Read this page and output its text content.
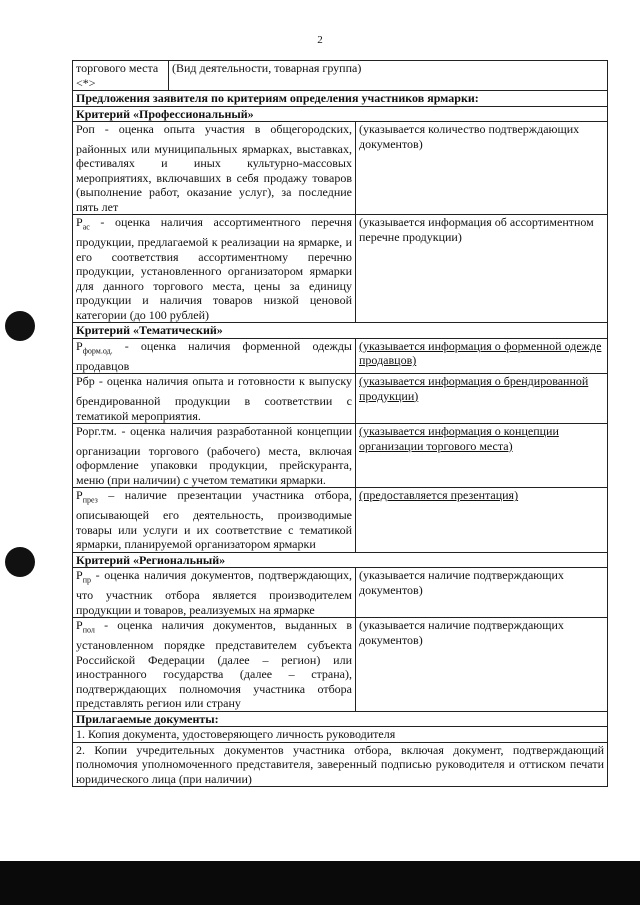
2
торгового места <*>	(Вид деятельности, товарная группа)	
Предложения заявителя по критериям определения участников ярмарки:		
Критерий «Профессиональный»		
Роп - оценка опыта участия в общегородских, районных или муниципальных ярмарках, выставках, фестивалях и иных культурно-массовых мероприятиях, включавших в себя продажу товаров (выполнение работ, оказание услуг), за последние пять лет		(указывается количество подтверждающих документов)
$Р_{ас}$ - оценка наличия ассортиментного перечня продукции, предлагаемой к реализации на ярмарке, и его соответствия ассортиментному перечню продукции, установленного организатором ярмарки для данного торгового места, цены за единицу продукции и наличия товаров низкой ценовой категории (до 100 рублей)		(указывается информация об ассортиментном перечне продукции)
Критерий «Тематический»		
$Р_{форм.од.}$ - оценка наличия форменной одежды продавцов		(указывается информация о форменной одежде продавцов)
Рбр - оценка наличия опыта и готовности к выпуску брендированной продукции в соответствии с тематикой мероприятия.		(указывается информация о брендированной продукции)
Рорг.тм. - оценка наличия разработанной концепции организации торгового (рабочего) места, включая оформление упаковки продукции, прейскуранта, меню (при наличии) с учетом тематики ярмарки.		(указывается информация о концепции организации торгового места)
$Р_{през}$ – наличие презентации участника отбора, описывающей его деятельность, производимые товары или услуги и их соответствие с тематикой ярмарки, планируемой организатором ярмарки		(предоставляется презентация)
Критерий «Региональный»		
$Р_{пр}$ - оценка наличия документов, подтверждающих, что участник отбора является производителем продукции и товаров, реализуемых на ярмарке		(указывается наличие подтверждающих документов)
$Р_{пол}$ - оценка наличия документов, выданных в установленном порядке представителем субъекта Российской Федерации (далее – регион) или иностранного государства (далее – страна), подтверждающих полномочия участника отбора представлять регион или страну		(указывается наличие подтверждающих документов)
Прилагаемые документы:		
1. Копия документа, удостоверяющего личность руководителя		
2. Копии учредительных документов участника отбора, включая документ, подтверждающий полномочия уполномоченного представителя, заверенный подписью руководителя и оттиском печати юридического лица (при наличии)		
